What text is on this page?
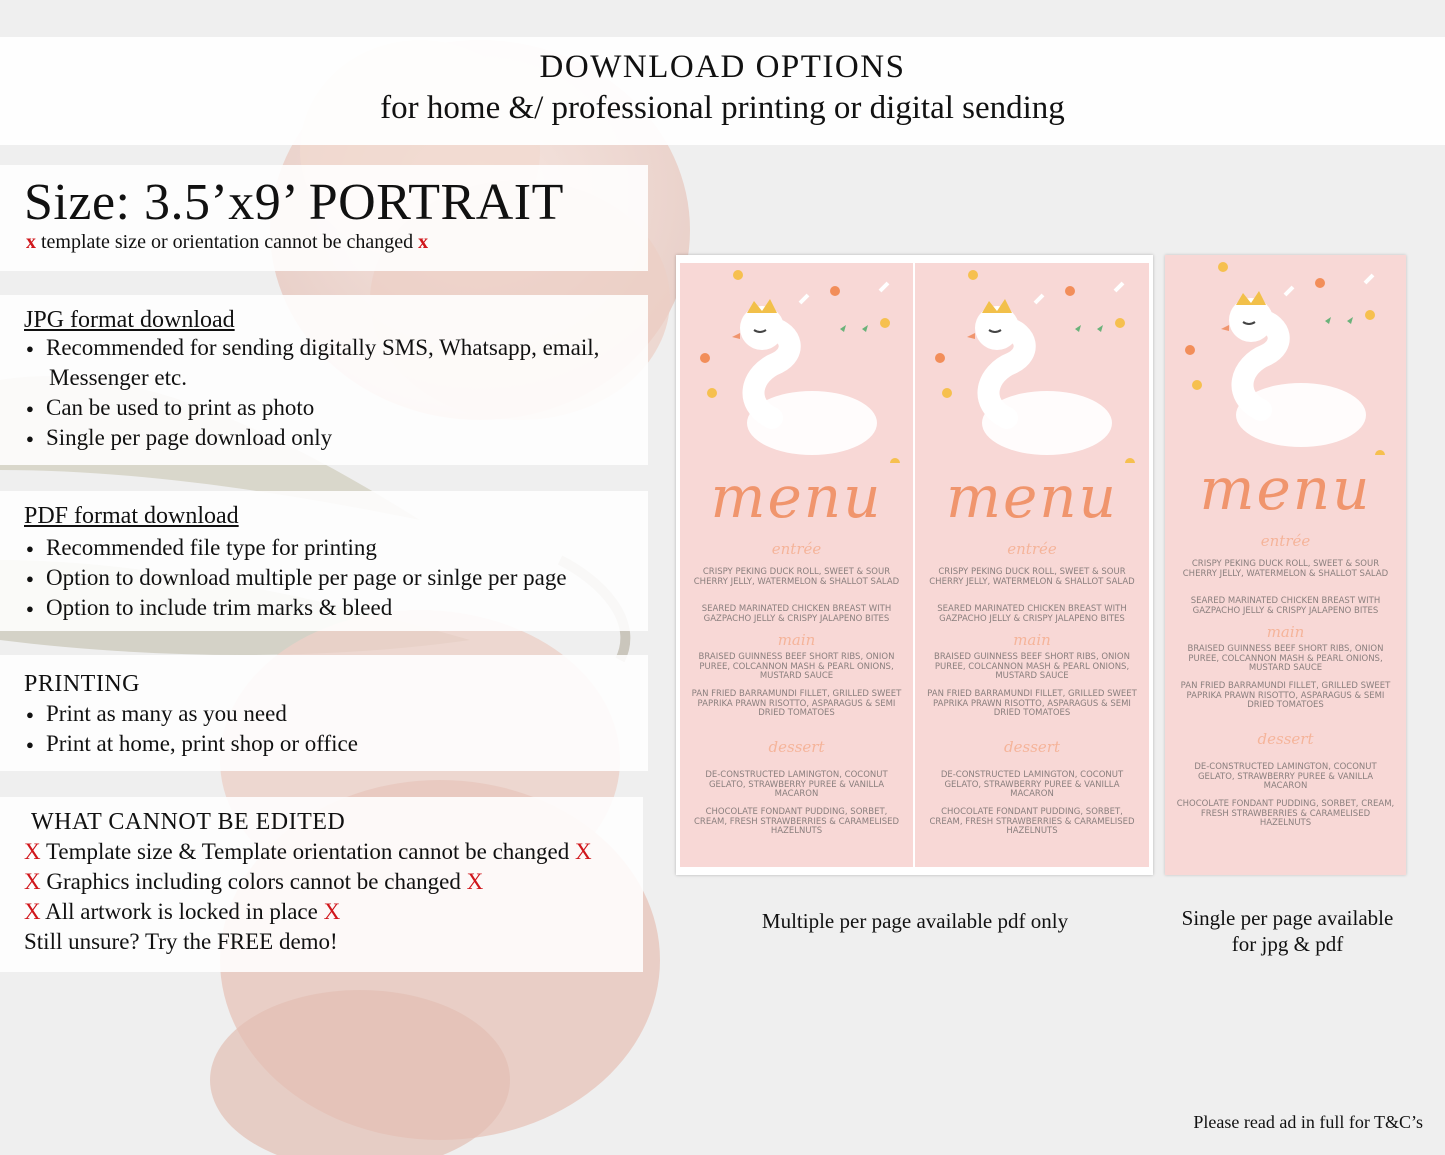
DOWNLOAD OPTIONS
for home &/ professional printing or digital sending
Size: 3.5’x9’ PORTRAIT
x template size or orientation cannot be changed x
JPG format download
● Recommended for sending digitally SMS, Whatsapp, email,
Messenger etc.
● Can be used to print as photo
● Single per page download only
PDF format download
● Recommended file type for printing
● Option to download multiple per page or sinlge per page
● Option to include trim marks & bleed
PRINTING
● Print as many as you need
● Print at home, print shop or office
WHAT CANNOT BE EDITED
X Template size & Template orientation cannot be changed X
X Graphics including colors cannot be changed X
X All artwork is locked in place X
Still unsure? Try the FREE demo!
menu
entrée
CRISPY PEKING DUCK ROLL, SWEET & SOUR CHERRY JELLY, WATERMELON & SHALLOT SALAD
SEARED MARINATED CHICKEN BREAST WITH GAZPACHO JELLY & CRISPY JALAPENO BITES
main
BRAISED GUINNESS BEEF SHORT RIBS, ONION PUREE, COLCANNON MASH & PEARL ONIONS, MUSTARD SAUCE
PAN FRIED BARRAMUNDI FILLET, GRILLED SWEET PAPRIKA PRAWN RISOTTO, ASPARAGUS & SEMI DRIED TOMATOES
dessert
DE-CONSTRUCTED LAMINGTON, COCONUT GELATO, STRAWBERRY PUREE & VANILLA MACARON
CHOCOLATE FONDANT PUDDING, SORBET, CREAM, FRESH STRAWBERRIES & CARAMELISED HAZELNUTS
menu
entrée
CRISPY PEKING DUCK ROLL, SWEET & SOUR CHERRY JELLY, WATERMELON & SHALLOT SALAD
SEARED MARINATED CHICKEN BREAST WITH GAZPACHO JELLY & CRISPY JALAPENO BITES
main
BRAISED GUINNESS BEEF SHORT RIBS, ONION PUREE, COLCANNON MASH & PEARL ONIONS, MUSTARD SAUCE
PAN FRIED BARRAMUNDI FILLET, GRILLED SWEET PAPRIKA PRAWN RISOTTO, ASPARAGUS & SEMI DRIED TOMATOES
dessert
DE-CONSTRUCTED LAMINGTON, COCONUT GELATO, STRAWBERRY PUREE & VANILLA MACARON
CHOCOLATE FONDANT PUDDING, SORBET, CREAM, FRESH STRAWBERRIES & CARAMELISED HAZELNUTS
menu
entrée
CRISPY PEKING DUCK ROLL, SWEET & SOUR CHERRY JELLY, WATERMELON & SHALLOT SALAD
SEARED MARINATED CHICKEN BREAST WITH GAZPACHO JELLY & CRISPY JALAPENO BITES
main
BRAISED GUINNESS BEEF SHORT RIBS, ONION PUREE, COLCANNON MASH & PEARL ONIONS, MUSTARD SAUCE
PAN FRIED BARRAMUNDI FILLET, GRILLED SWEET PAPRIKA PRAWN RISOTTO, ASPARAGUS & SEMI DRIED TOMATOES
dessert
DE-CONSTRUCTED LAMINGTON, COCONUT GELATO, STRAWBERRY PUREE & VANILLA MACARON
CHOCOLATE FONDANT PUDDING, SORBET, CREAM, FRESH STRAWBERRIES & CARAMELISED HAZELNUTS
Multiple per page available pdf only	Single per page available
for jpg & pdf
Please read ad in full for T&C’s
